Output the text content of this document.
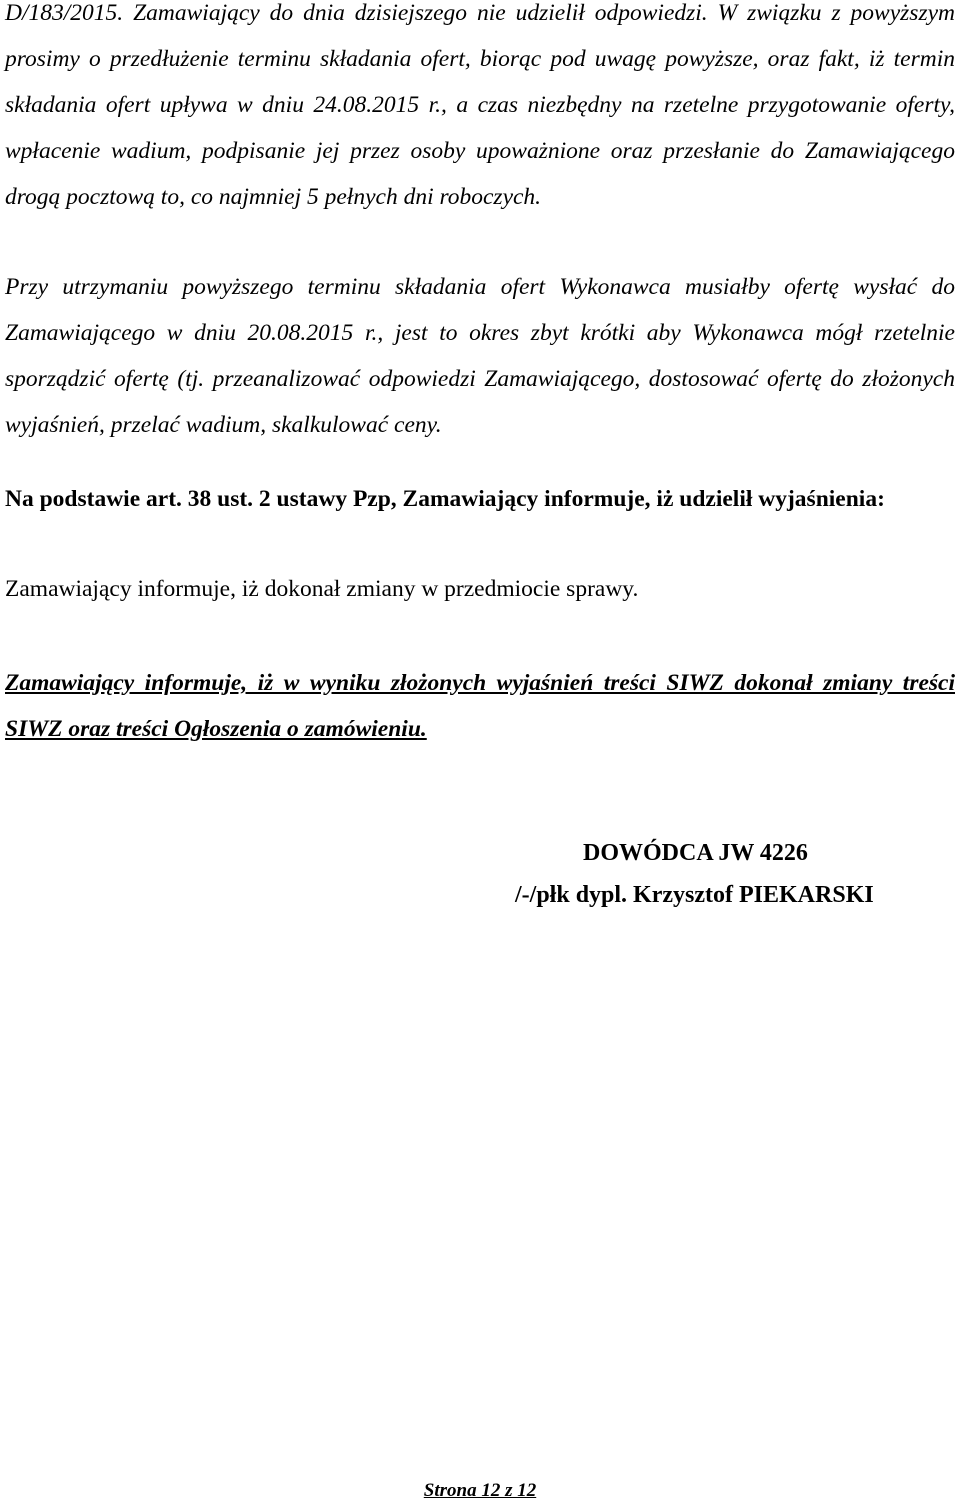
D/183/2015. Zamawiający do dnia dzisiejszego nie udzielił odpowiedzi. W związku z powyższym prosimy o przedłużenie terminu składania ofert, biorąc pod uwagę powyższe, oraz fakt, iż termin składania ofert upływa w dniu 24.08.2015 r., a czas niezbędny na rzetelne przygotowanie oferty, wpłacenie wadium, podpisanie jej przez osoby upoważnione oraz przesłanie do Zamawiającego drogą pocztową to, co najmniej 5 pełnych dni roboczych.

Przy utrzymaniu powyższego terminu składania ofert Wykonawca musiałby ofertę wysłać do Zamawiającego w dniu 20.08.2015 r., jest to okres zbyt krótki aby Wykonawca mógł rzetelnie sporządzić ofertę (tj. przeanalizować odpowiedzi Zamawiającego, dostosować ofertę do złożonych wyjaśnień, przelać wadium, skalkulować ceny.

Na podstawie art. 38 ust. 2 ustawy Pzp, Zamawiający informuje, iż udzielił wyjaśnienia:

Zamawiający informuje, iż dokonał zmiany w przedmiocie sprawy.

Zamawiający informuje, iż w wyniku złożonych wyjaśnień treści SIWZ dokonał zmiany treści SIWZ oraz treści Ogłoszenia o zamówieniu.

DOWÓDCA JW 4226

/-/płk dypl. Krzysztof PIEKARSKI

Strona 12 z 12
